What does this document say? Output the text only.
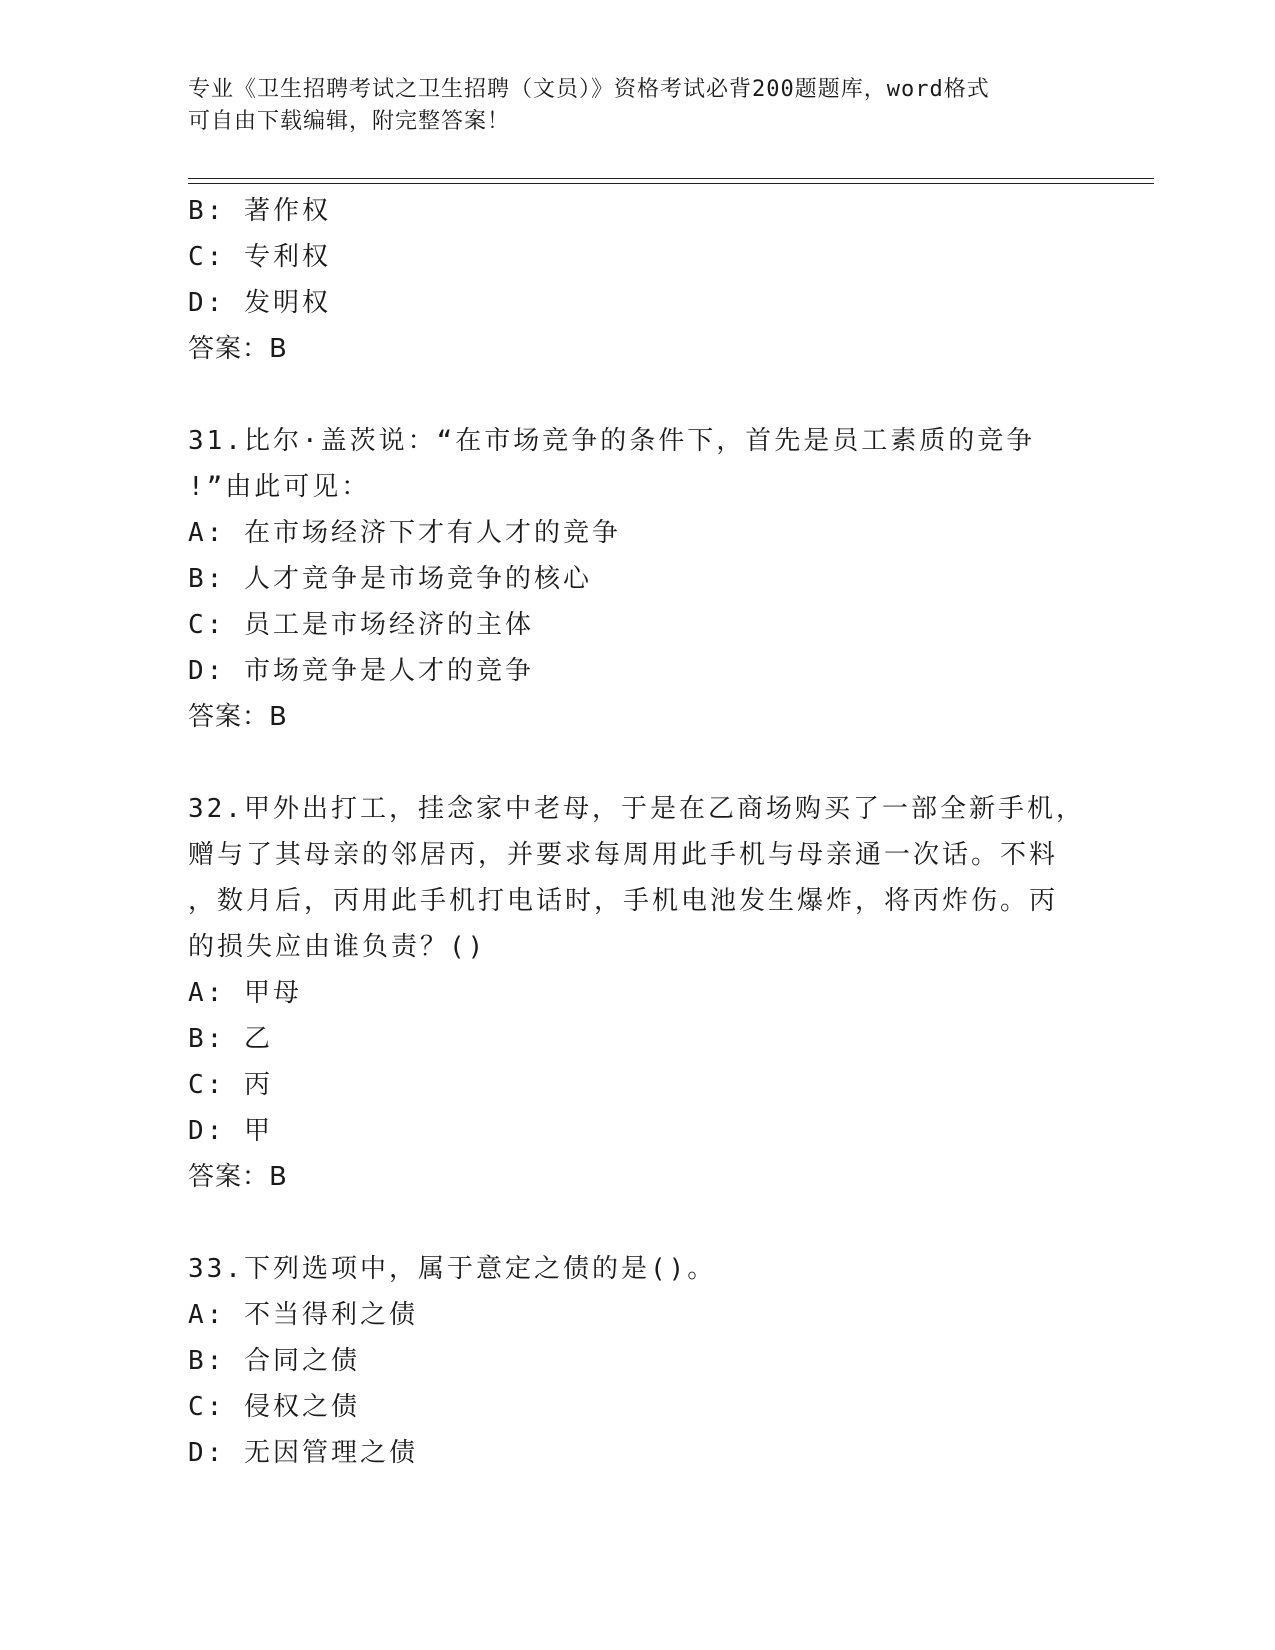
专业《卫生招聘考试之卫生招聘（文员）》资格考试必背200题题库，word格式
可自由下载编辑，附完整答案！
B: 著作权
C: 专利权
D: 发明权
答案：B
31.比尔·盖茨说：“在市场竞争的条件下，首先是员工素质的竞争
!”由此可见：
A: 在市场经济下才有人才的竞争
B: 人才竞争是市场竞争的核心
C: 员工是市场经济的主体
D: 市场竞争是人才的竞争
答案：B
32.甲外出打工，挂念家中老母，于是在乙商场购买了一部全新手机，
赠与了其母亲的邻居丙，并要求每周用此手机与母亲通一次话。不料
，数月后，丙用此手机打电话时，手机电池发生爆炸，将丙炸伤。丙
的损失应由谁负责？()
A: 甲母
B: 乙
C: 丙
D: 甲
答案：B
33.下列选项中，属于意定之债的是()。
A: 不当得利之债
B: 合同之债
C: 侵权之债
D: 无因管理之债
